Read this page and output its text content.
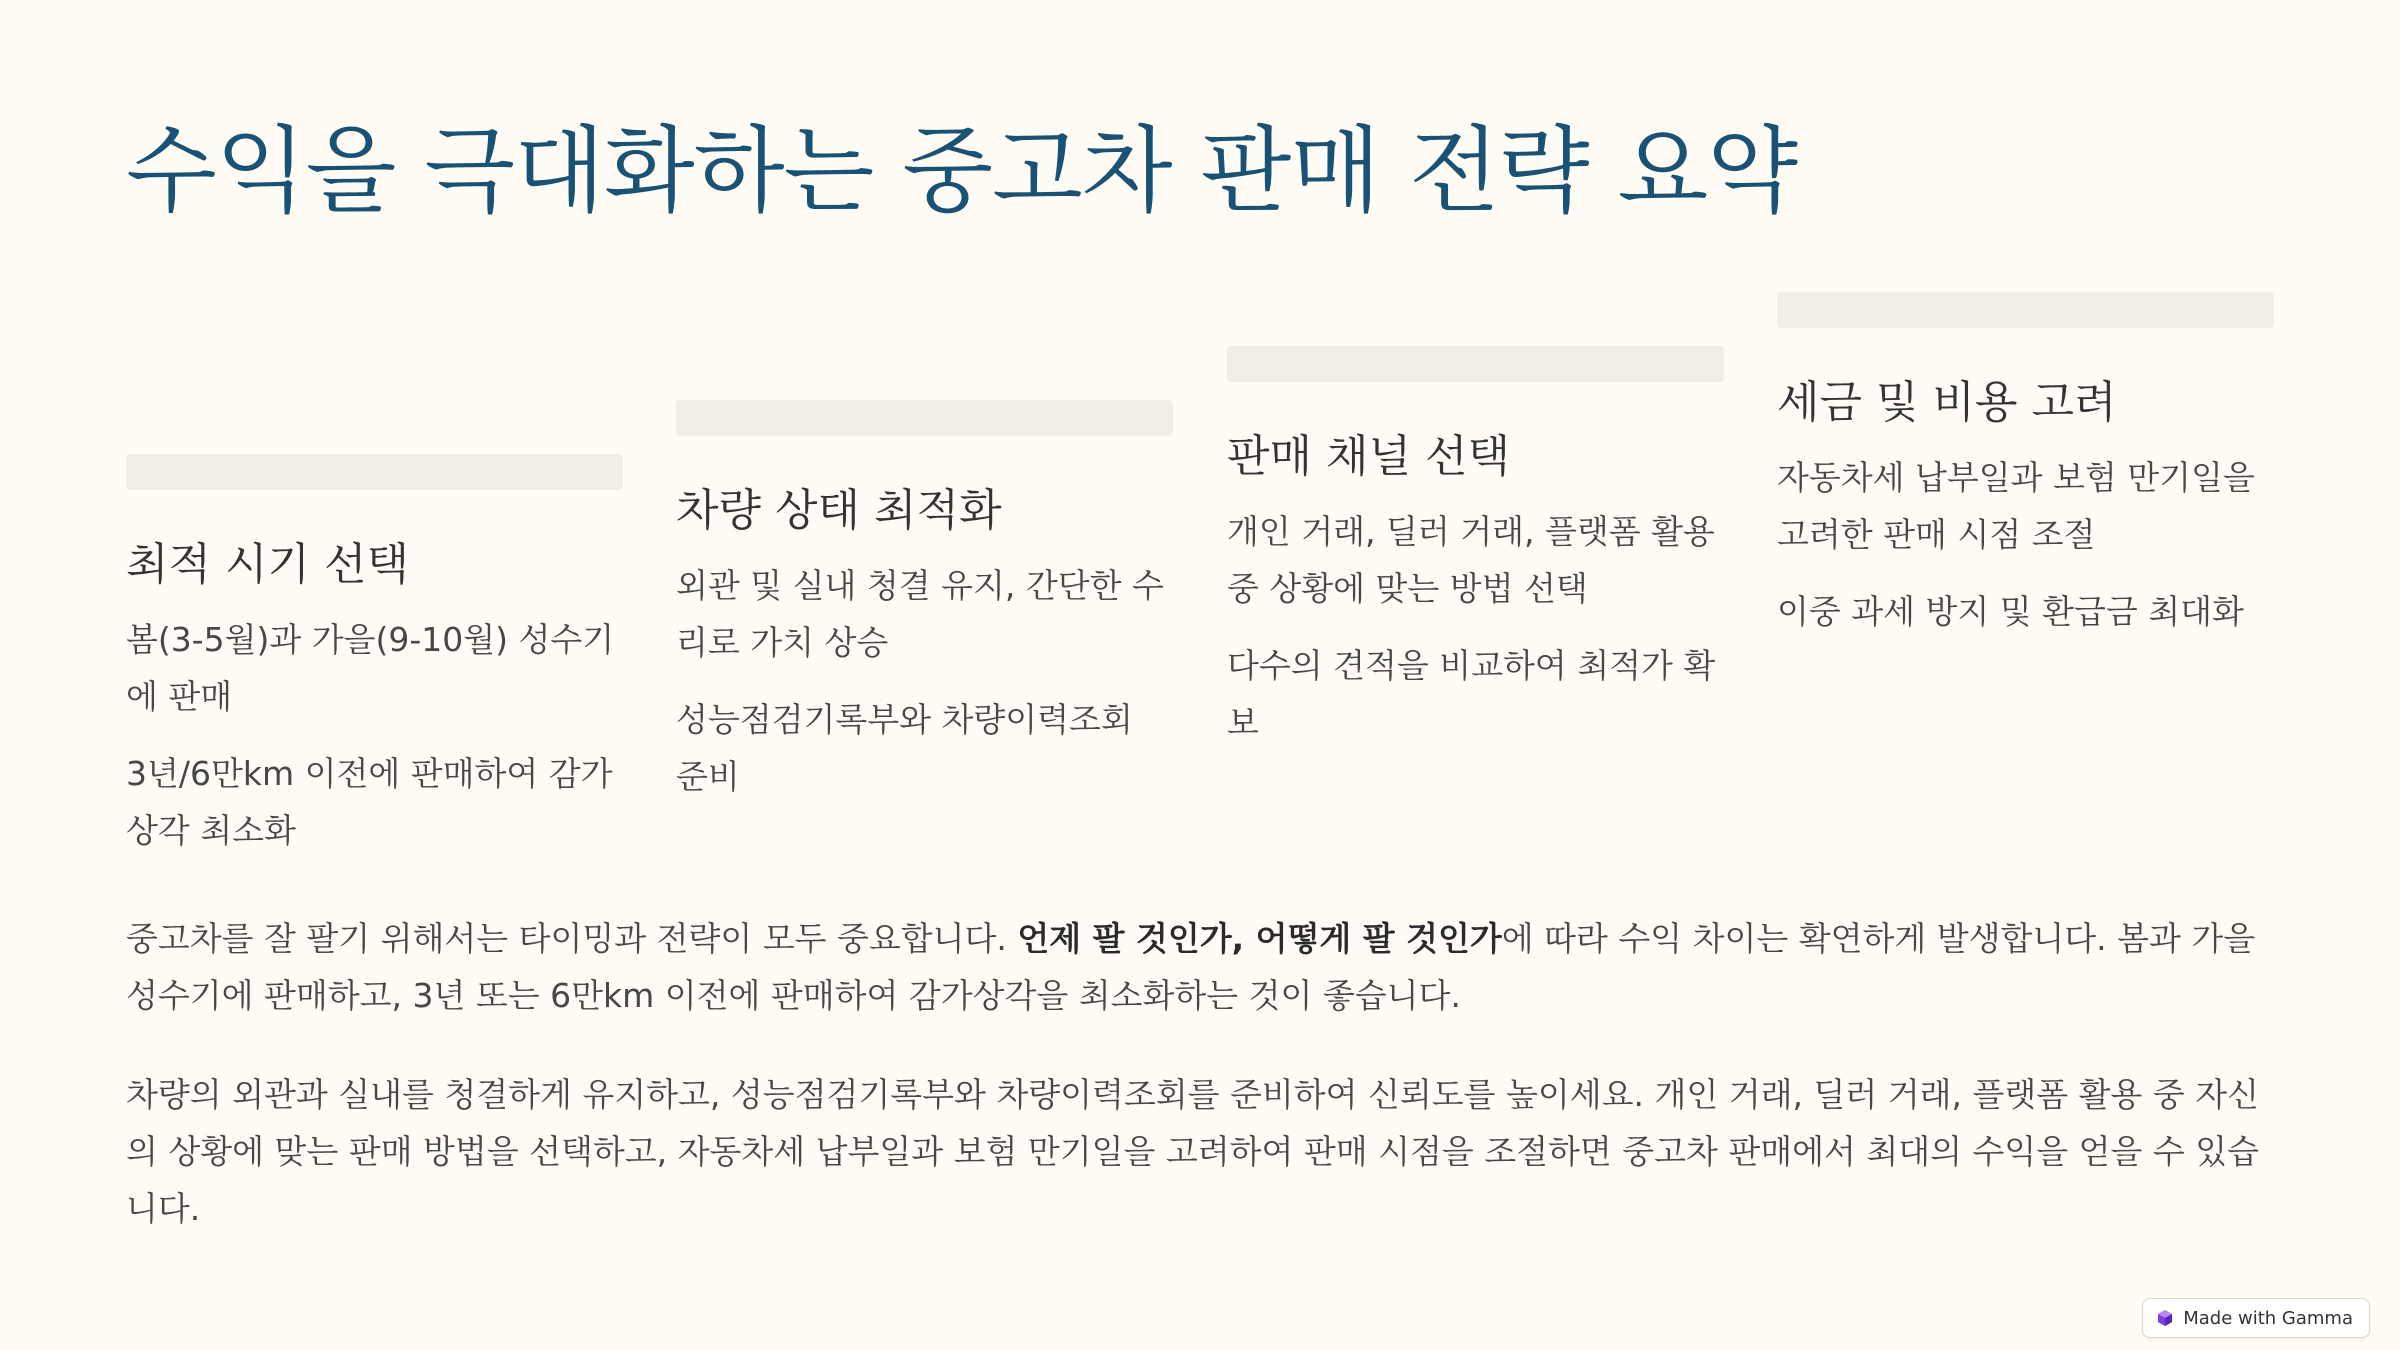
수익을 극대화하는 중고차 판매 전략 요약
최적 시기 선택

봄(3-5월)과 가을(9-10월) 성수기에 판매

3년/6만km 이전에 판매하여 감가상각 최소화

차량 상태 최적화

외관 및 실내 청결 유지, 간단한 수리로 가치 상승

성능점검기록부와 차량이력조회 준비

판매 채널 선택

개인 거래, 딜러 거래, 플랫폼 활용 중 상황에 맞는 방법 선택

다수의 견적을 비교하여 최적가 확보

세금 및 비용 고려

자동차세 납부일과 보험 만기일을 고려한 판매 시점 조절

이중 과세 방지 및 환급금 최대화

중고차를 잘 팔기 위해서는 타이밍과 전략이 모두 중요합니다. 언제 팔 것인가, 어떻게 팔 것인가에 따라 수익 차이는 확연하게 발생합니다. 봄과 가을 성수기에 판매하고, 3년 또는 6만km 이전에 판매하여 감가상각을 최소화하는 것이 좋습니다.

차량의 외관과 실내를 청결하게 유지하고, 성능점검기록부와 차량이력조회를 준비하여 신뢰도를 높이세요. 개인 거래, 딜러 거래, 플랫폼 활용 중 자신의 상황에 맞는 판매 방법을 선택하고, 자동차세 납부일과 보험 만기일을 고려하여 판매 시점을 조절하면 중고차 판매에서 최대의 수익을 얻을 수 있습니다.

Made with Gamma
